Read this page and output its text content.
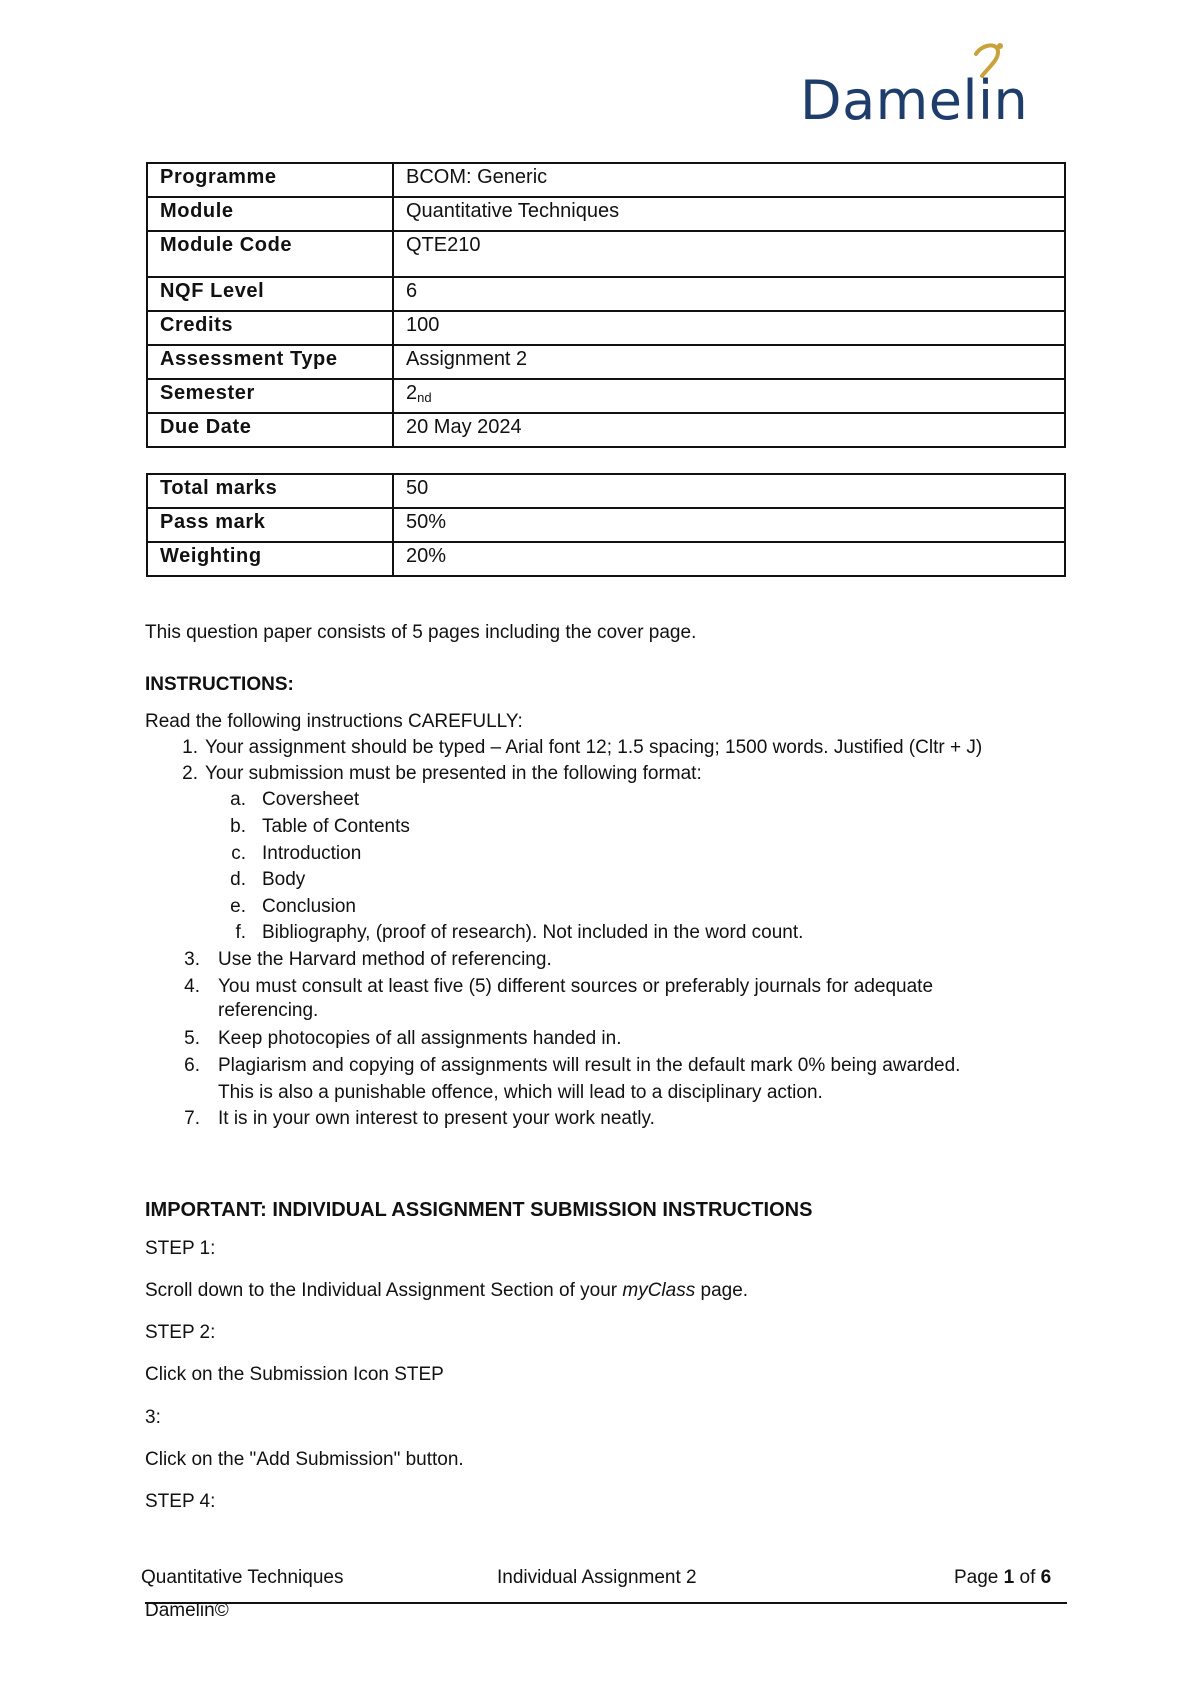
Damelin
Programme	BCOM: Generic
Module	Quantitative Techniques
Module Code	QTE210
NQF Level	6
Credits	100
Assessment Type	Assignment 2
Semester	$2_{nd}$
Due Date	20 May 2024
Total marks	50
Pass mark	50%
Weighting	20%
This question paper consists of 5 pages including the cover page.
INSTRUCTIONS:
Read the following instructions CAREFULLY:
1. Your assignment should be typed – Arial font 12; 1.5 spacing; 1500 words. Justified (Cltr + J)
2. Your submission must be presented in the following format:
a. Coversheet
b. Table of Contents
c. Introduction
d. Body
e. Conclusion
f. Bibliography, (proof of research). Not included in the word count.
3. Use the Harvard method of referencing.
4. You must consult at least five (5) different sources or preferably journals for adequate
referencing.
5. Keep photocopies of all assignments handed in.
6. Plagiarism and copying of assignments will result in the default mark 0% being awarded.
This is also a punishable offence, which will lead to a disciplinary action.
7. It is in your own interest to present your work neatly.
IMPORTANT: INDIVIDUAL ASSIGNMENT SUBMISSION INSTRUCTIONS
STEP 1:
Scroll down to the Individual Assignment Section of your myClass page.
STEP 2:
Click on the Submission Icon STEP
3:
Click on the "Add Submission" button.
STEP 4:
Quantitative Techniques	Individual Assignment 2	Page 1 of 6
Damelin©
